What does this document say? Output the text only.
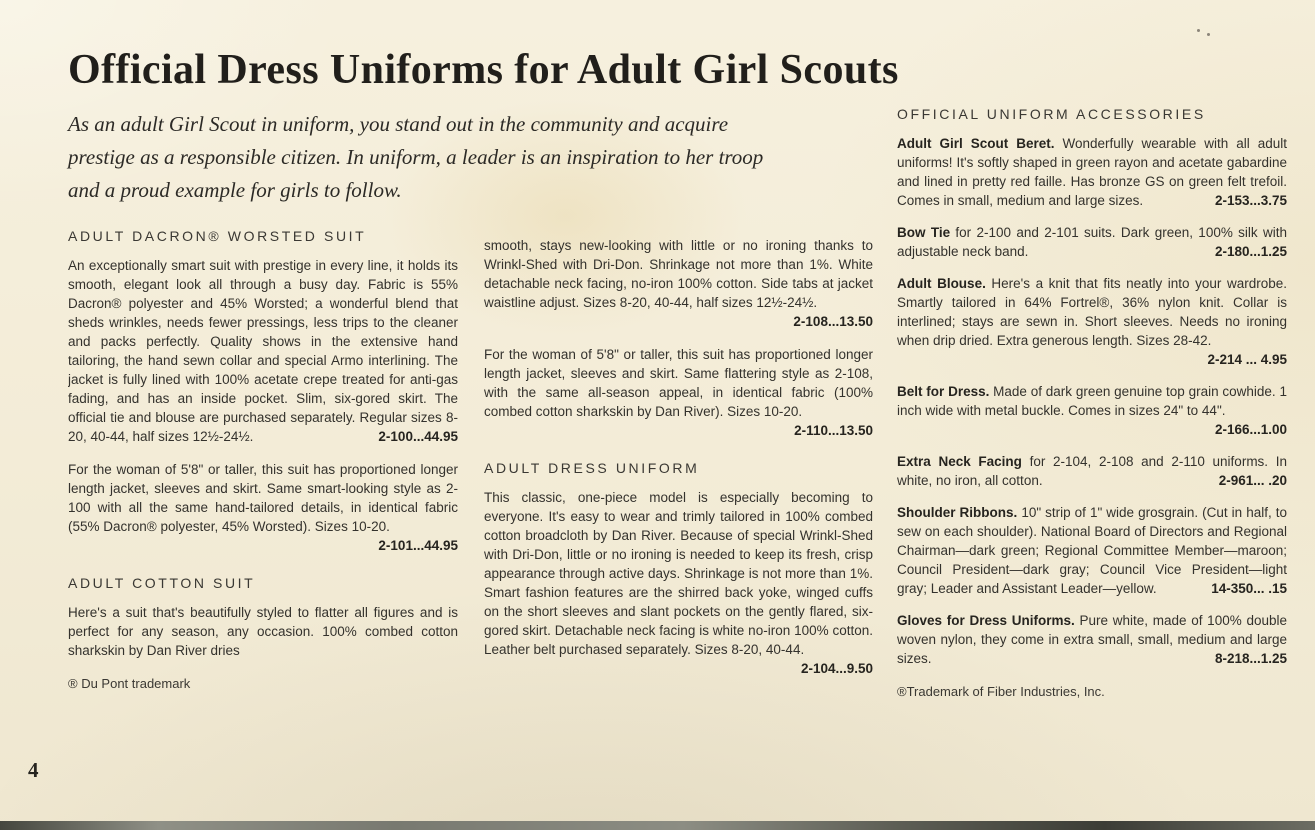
Official Dress Uniforms for Adult Girl Scouts

As an adult Girl Scout in uniform, you stand out in the community and acquire prestige as a responsible citizen. In uniform, a leader is an inspiration to her troop and a proud example for girls to follow.

ADULT DACRON® WORSTED SUIT

An exceptionally smart suit with prestige in every line, it holds its smooth, elegant look all through a busy day. Fabric is 55% Dacron® polyester and 45% Worsted; a wonderful blend that sheds wrinkles, needs fewer pressings, less trips to the cleaner and packs perfectly. Quality shows in the extensive hand tailoring, the hand sewn collar and special Armo interlining. The jacket is fully lined with 100% acetate crepe treated for anti-gas fading, and has an inside pocket. Slim, six-gored skirt. The official tie and blouse are purchased separately. Regular sizes 8-20, 40-44, half sizes 12½-24½.	2-100...44.95

For the woman of 5'8" or taller, this suit has proportioned longer length jacket, sleeves and skirt. Same smart-looking style as 2-100 with all the same hand-tailored details, in identical fabric (55% Dacron® polyester, 45% Worsted). Sizes 10-20.
2-101...44.95

ADULT COTTON SUIT

Here's a suit that's beautifully styled to flatter all figures and is perfect for any season, any occasion. 100% combed cotton sharkskin by Dan River dries

® Du Pont trademark

smooth, stays new-looking with little or no ironing thanks to Wrinkl-Shed with Dri-Don. Shrinkage not more than 1%. White detachable neck facing, no-iron 100% cotton. Side tabs at jacket waistline adjust. Sizes 8-20, 40-44, half sizes 12½-24½.
2-108...13.50

For the woman of 5'8" or taller, this suit has proportioned longer length jacket, sleeves and skirt. Same flattering style as 2-108, with the same all-season appeal, in identical fabric (100% combed cotton sharkskin by Dan River). Sizes 10-20.
2-110...13.50

ADULT DRESS UNIFORM

This classic, one-piece model is especially becoming to everyone. It's easy to wear and trimly tailored in 100% combed cotton broadcloth by Dan River. Because of special Wrinkl-Shed with Dri-Don, little or no ironing is needed to keep its fresh, crisp appearance through active days. Shrinkage is not more than 1%. Smart fashion features are the shirred back yoke, winged cuffs on the short sleeves and slant pockets on the gently flared, six-gored skirt. Detachable neck facing is white no-iron 100% cotton. Leather belt purchased separately. Sizes 8-20, 40-44.
2-104...9.50

OFFICIAL UNIFORM ACCESSORIES

Adult Girl Scout Beret. Wonderfully wearable with all adult uniforms! It's softly shaped in green rayon and acetate gabardine and lined in pretty red faille. Has bronze GS on green felt trefoil. Comes in small, medium and large sizes.	2-153...3.75

Bow Tie for 2-100 and 2-101 suits. Dark green, 100% silk with adjustable neck band.	2-180...1.25

Adult Blouse. Here's a knit that fits neatly into your wardrobe. Smartly tailored in 64% Fortrel®, 36% nylon knit. Collar is interlined; stays are sewn in. Short sleeves. Needs no ironing when drip dried. Extra generous length. Sizes 28-42.
2-214 ... 4.95

Belt for Dress. Made of dark green genuine top grain cowhide. 1 inch wide with metal buckle. Comes in sizes 24" to 44".
2-166...1.00

Extra Neck Facing for 2-104, 2-108 and 2-110 uniforms. In white, no iron, all cotton.	2-961... .20

Shoulder Ribbons. 10" strip of 1" wide grosgrain. (Cut in half, to sew on each shoulder). National Board of Directors and Regional Chairman—dark green; Regional Committee Member—maroon; Council President—dark gray; Council Vice President—light gray; Leader and Assistant Leader—yellow.	14-350... .15

Gloves for Dress Uniforms. Pure white, made of 100% double woven nylon, they come in extra small, small, medium and large sizes.	8-218...1.25

®Trademark of Fiber Industries, Inc.

4
